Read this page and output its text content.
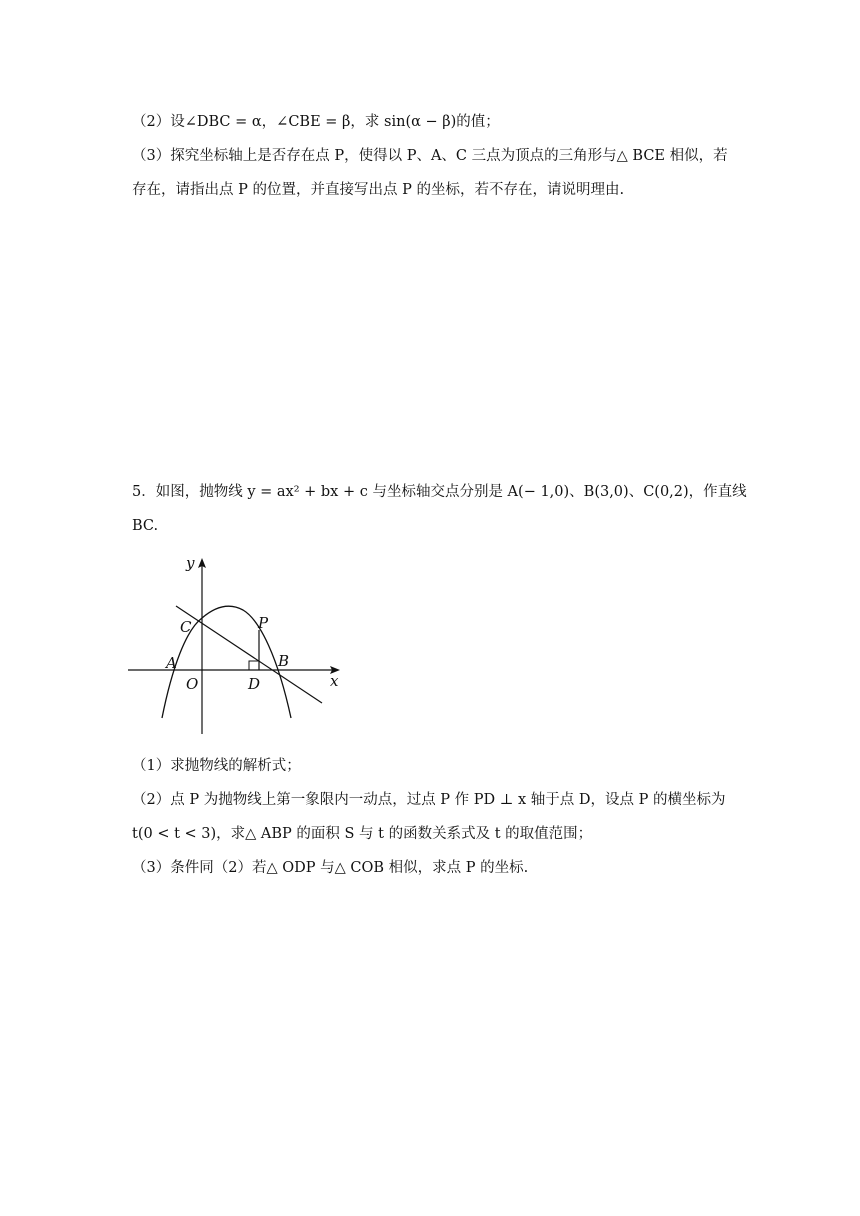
（2）设∠DBC = α，∠CBE = β，求 sin(α − β)的值；
（3）探究坐标轴上是否存在点 P，使得以 P、A、C 三点为顶点的三角形与△ BCE 相似，若
存在，请指出点 P 的位置，并直接写出点 P 的坐标，若不存在，请说明理由.
5．如图，抛物线 y = ax² + bx + c 与坐标轴交点分别是 A(− 1,0)、B(3,0)、C(0,2)，作直线
BC.
y
x
C	P
A	B
O	D
（1）求抛物线的解析式；
（2）点 P 为抛物线上第一象限内一动点，过点 P 作 PD ⊥ x 轴于点 D，设点 P 的横坐标为
t(0 < t < 3)，求△ ABP 的面积 S 与 t 的函数关系式及 t 的取值范围；
（3）条件同（2）若△ ODP 与△ COB 相似，求点 P 的坐标.
